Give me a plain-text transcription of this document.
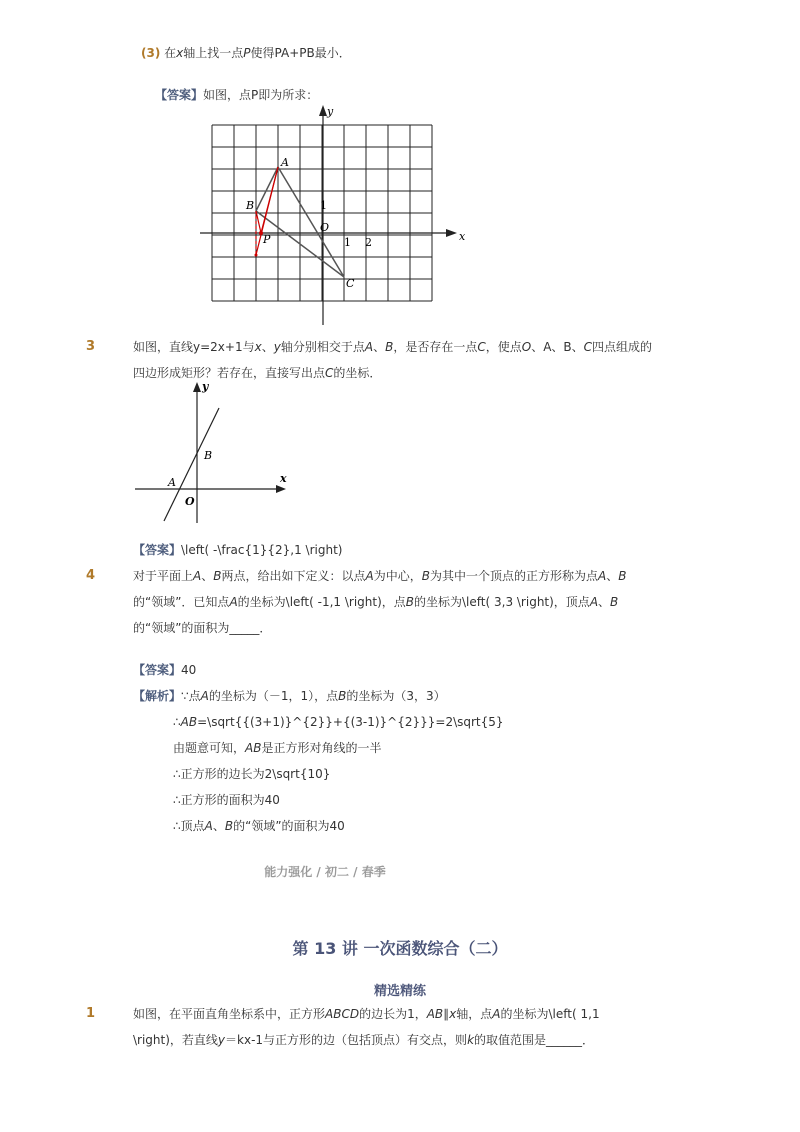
(3) 在x轴上找一点P使得PA+PB最小．
【答案】如图，点P即为所求：
x
y
O
1 2
1
A
B
C
P
3	如图，直线y=2x+1与x、y轴分别相交于点A、B，是否存在一点C，使点O、A、B、C四点组成的
四边形成矩形？若存在，直接写出点C的坐标．
x
y
O
A
B
【答案】\left( -\frac{1}{2},1 \right)
4	对于平面上A、B两点，给出如下定义：以点A为中心，B为其中一个顶点的正方形称为点A、B
的“领域”．已知点A的坐标为\left( -1,1 \right)，点B的坐标为\left( 3,3 \right)，顶点A、B
的“领域”的面积为_____．
【答案】40
【解析】∵点A的坐标为（－1，1），点B的坐标为（3，3）
∴AB=\sqrt{{(3+1)}^{2}}+{(3-1)}^{2}}}=2\sqrt{5}
由题意可知，AB是正方形对角线的一半
∴正方形的边长为2\sqrt{10}
∴正方形的面积为40
∴顶点A、B的“领域”的面积为40
能力强化 / 初二 / 春季
第 13 讲 一次函数综合（二）
精选精练
1	如图，在平面直角坐标系中，正方形ABCD的边长为1，AB∥x轴，点A的坐标为\left( 1,1
\right)，若直线y＝kx-1与正方形的边（包括顶点）有交点，则k的取值范围是______．
